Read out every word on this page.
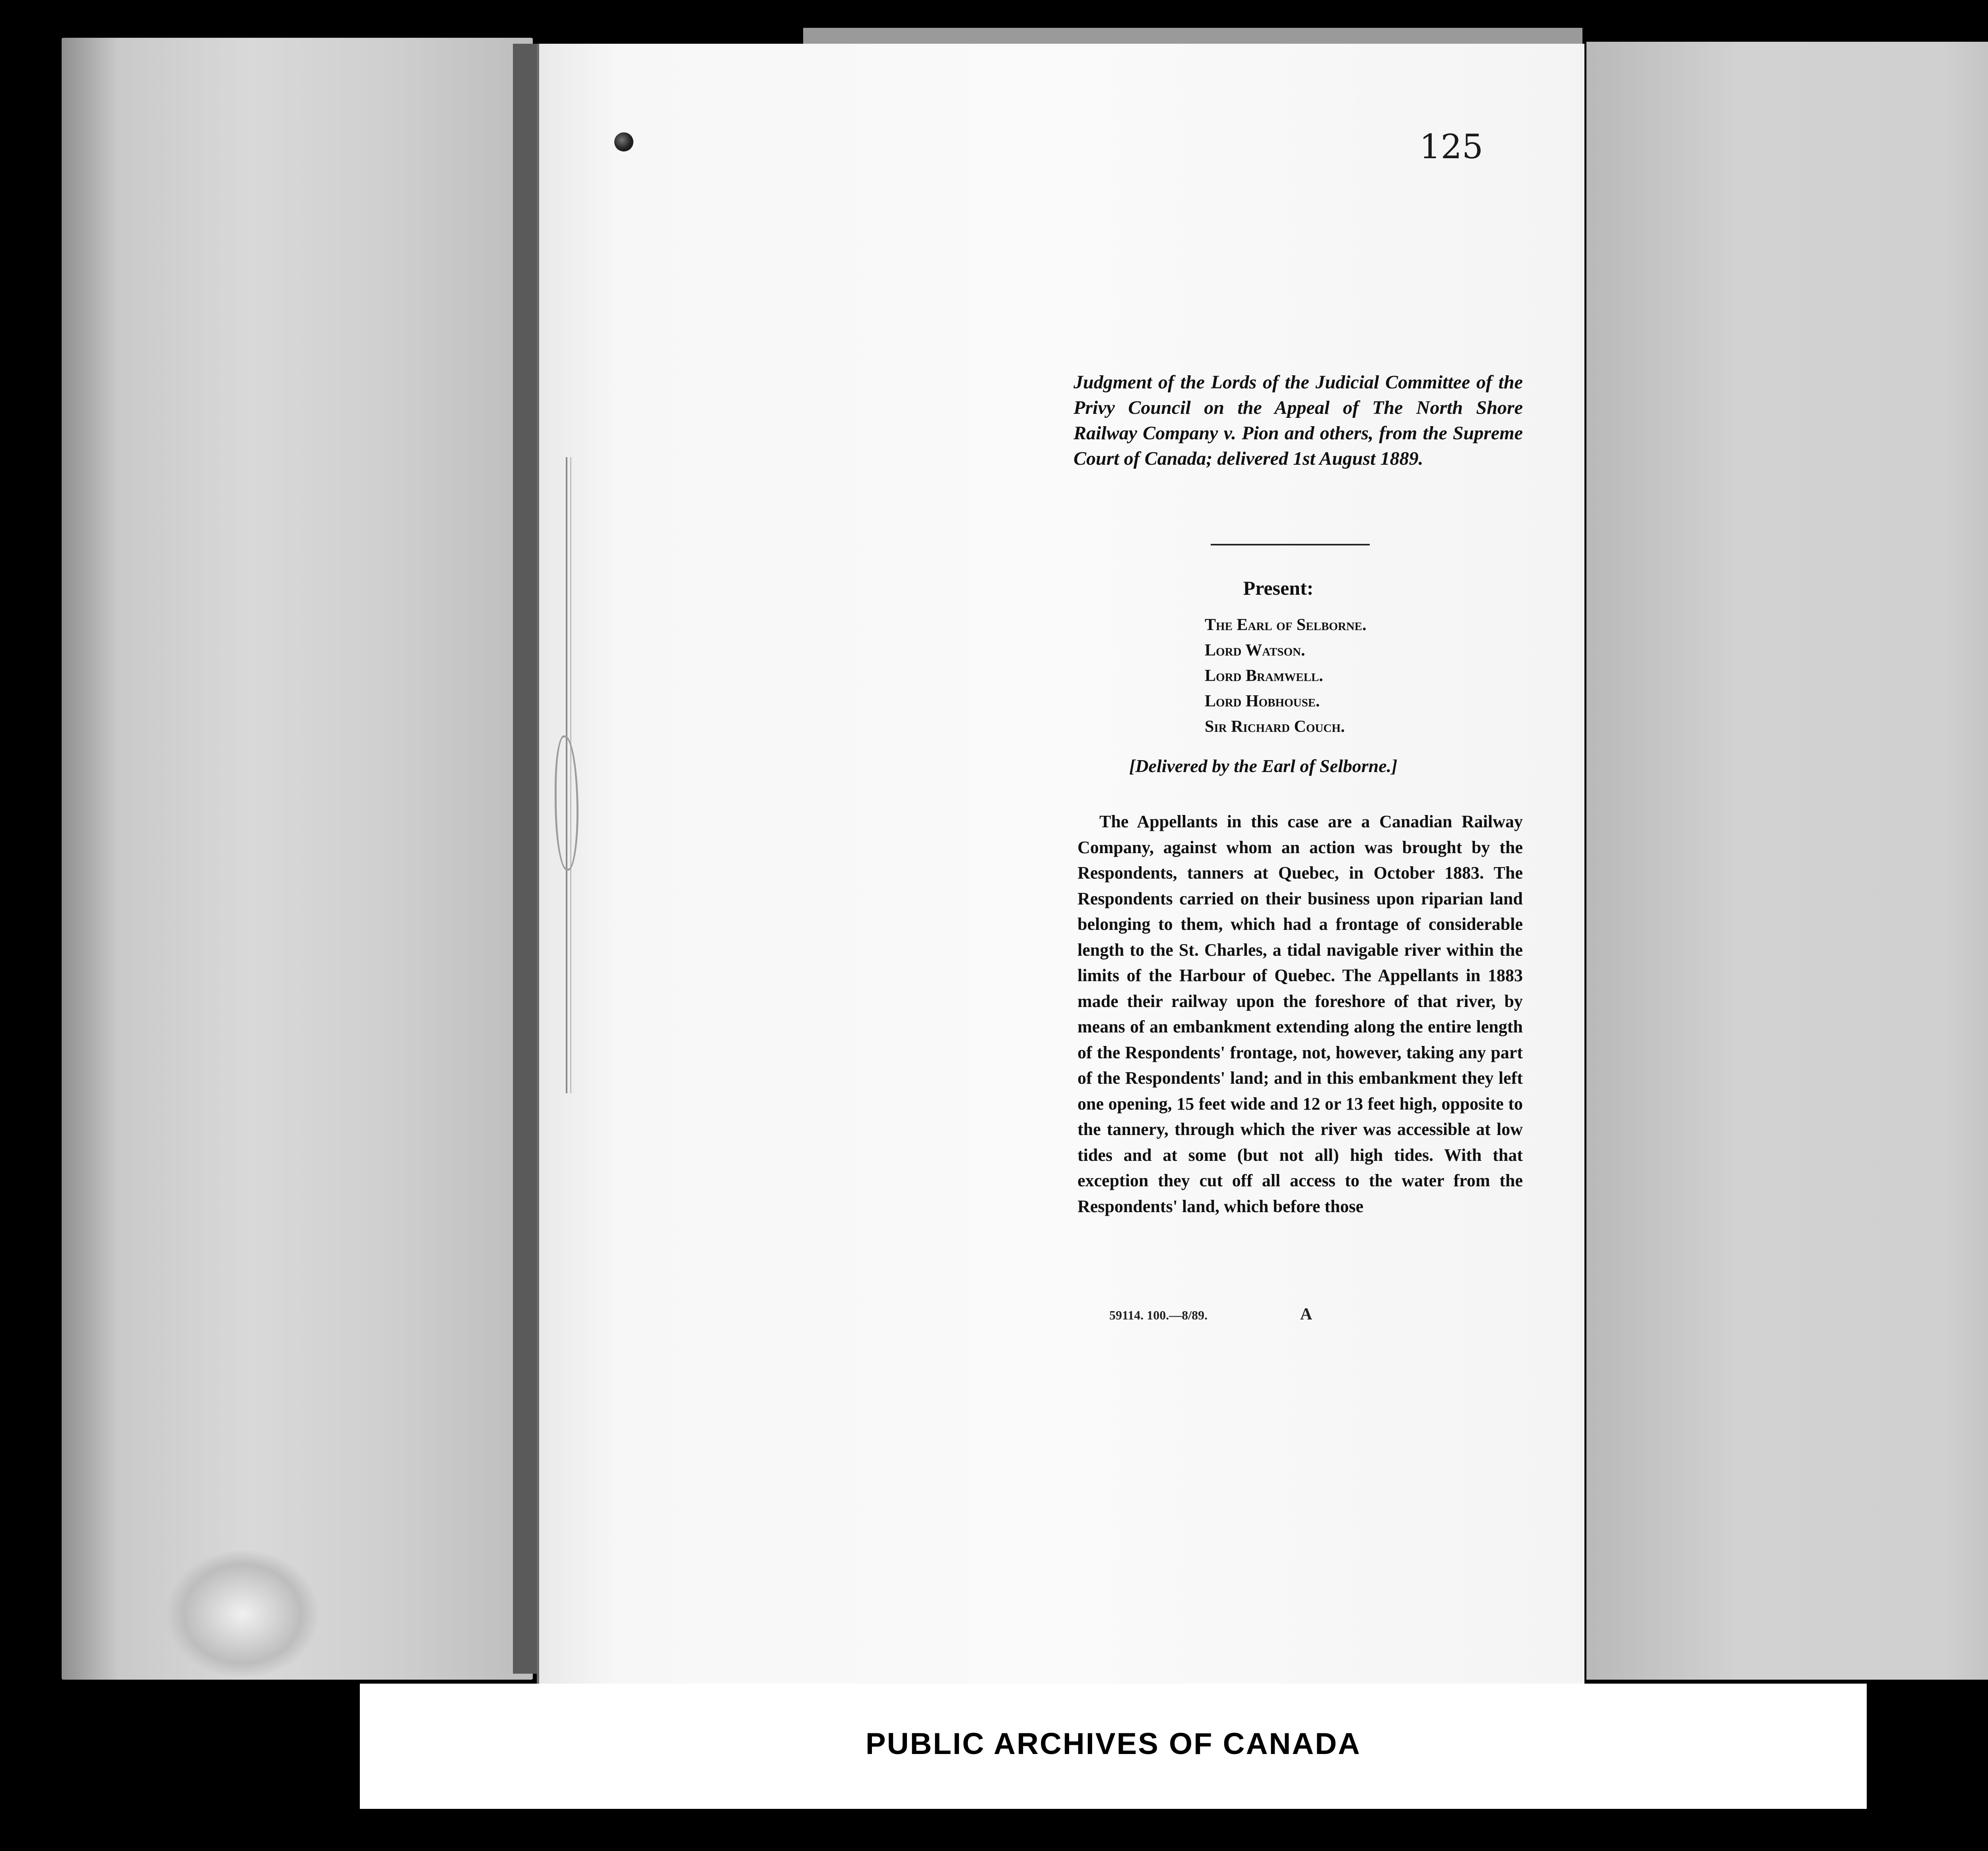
125
Judgment of the Lords of the Judicial Committee of the Privy Council on the Appeal of The North Shore Railway Company v. Pion and others, from the Supreme Court of Canada; delivered 1st August 1889.
Present:
The Earl of Selborne.
Lord Watson.
Lord Bramwell.
Lord Hobhouse.
Sir Richard Couch.
[Delivered by the Earl of Selborne.]
The Appellants in this case are a Canadian Railway Company, against whom an action was brought by the Respondents, tanners at Quebec, in October 1883. The Respondents carried on their business upon riparian land belonging to them, which had a frontage of considerable length to the St. Charles, a tidal navigable river within the limits of the Harbour of Quebec. The Appellants in 1883 made their railway upon the foreshore of that river, by means of an embankment extending along the entire length of the Respondents' frontage, not, however, taking any part of the Respondents' land; and in this embankment they left one opening, 15 feet wide and 12 or 13 feet high, opposite to the tannery, through which the river was accessible at low tides and at some (but not all) high tides. With that exception they cut off all access to the water from the Respondents' land, which before those
59114. 100.—8/89.	A
PUBLIC ARCHIVES OF CANADA
